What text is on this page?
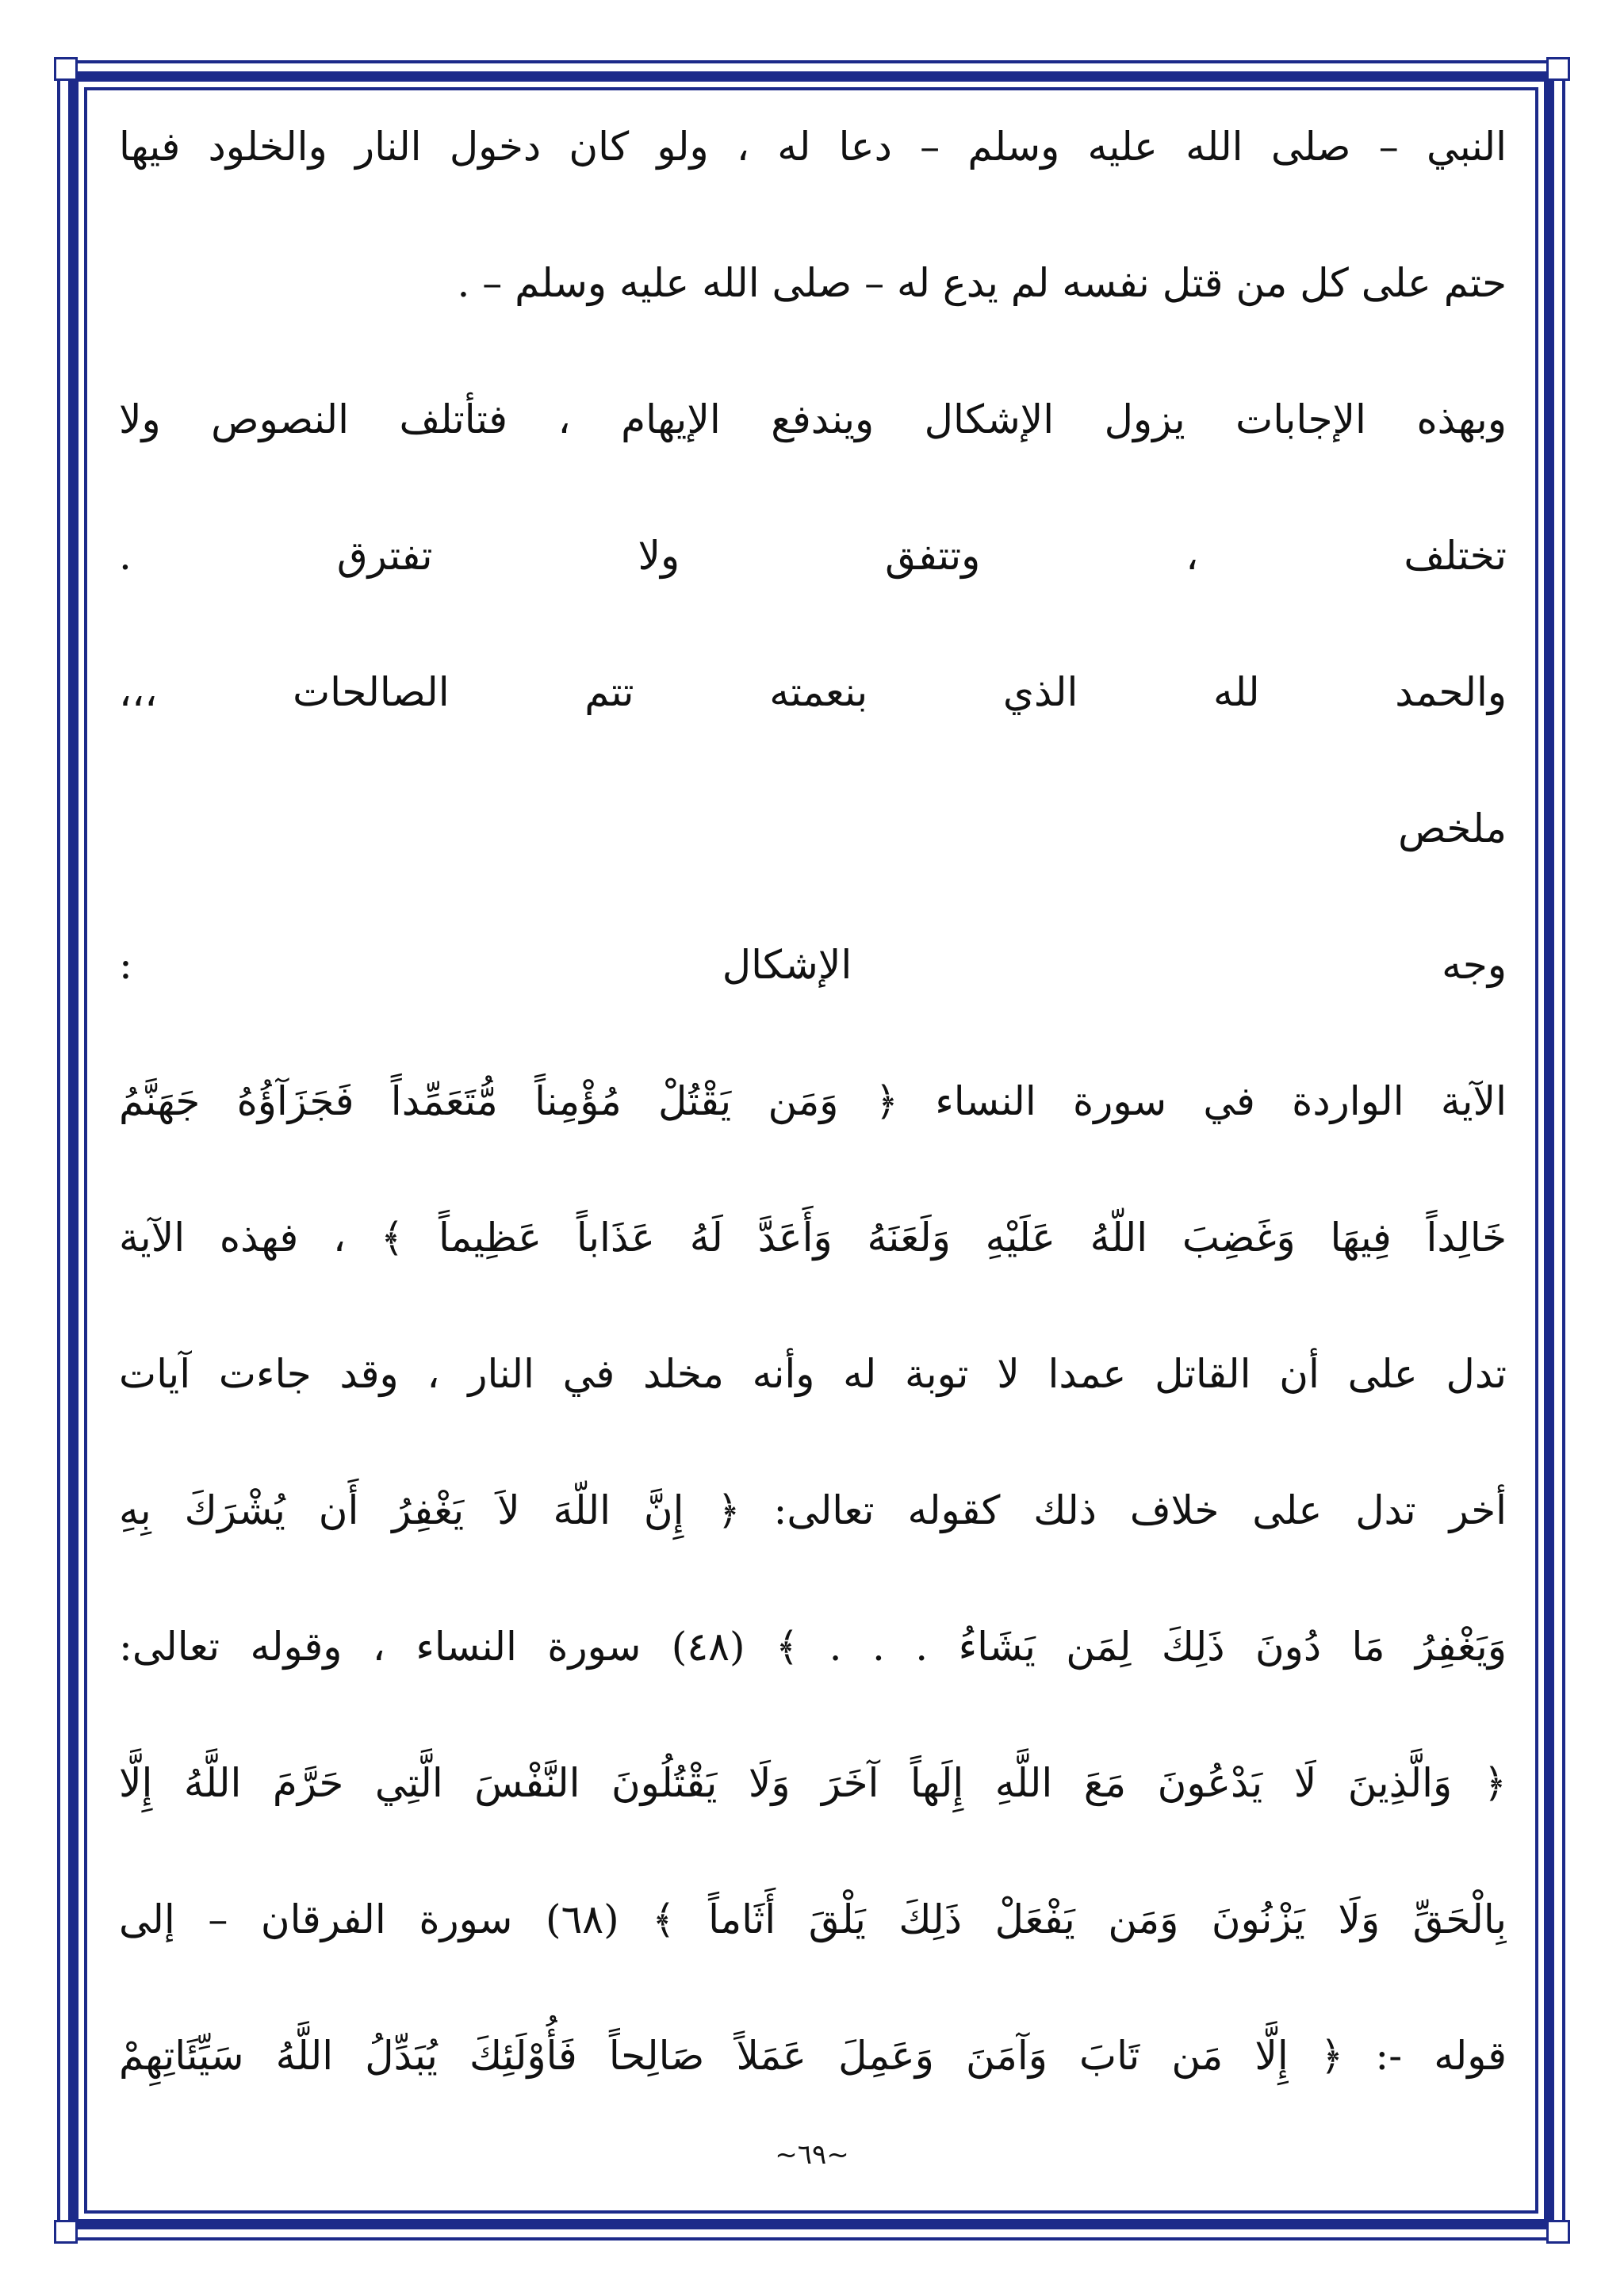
النبي – صلى الله عليه وسلم – دعا له ، ولو كان دخول النار والخلود فيها
حتم على كل من قتل نفسه لم يدع له – صلى الله عليه وسلم – .
وبهذه الإجابات يزول الإشكال ويندفع الإيهام ، فتأتلف النصوص ولا
تختلف ، وتتفق ولا تفترق .
والحمد لله الذي بنعمته تتم الصالحات ،،،
ملخص
وجه الإشكال :
الآية الواردة في سورة النساء ﴿ وَمَن يَقْتُلْ مُؤْمِناً مُّتَعَمِّداً فَجَزَآؤُهُ جَهَنَّمُ
خَالِداً فِيهَا وَغَضِبَ اللّهُ عَلَيْهِ وَلَعَنَهُ وَأَعَدَّ لَهُ عَذَاباً عَظِيماً ﴾ ، فهذه الآية
تدل على أن القاتل عمدا لا توبة له وأنه مخلد في النار ، وقد جاءت آيات
أخر تدل على خلاف ذلك كقوله تعالى: ﴿ إِنَّ اللّهَ لاَ يَغْفِرُ أَن يُشْرَكَ بِهِ
وَيَغْفِرُ مَا دُونَ ذَلِكَ لِمَن يَشَاءُ . . . ﴾ (٤٨) سورة النساء ، وقوله تعالى:
﴿ وَالَّذِينَ لَا يَدْعُونَ مَعَ اللَّهِ إِلَهاً آخَرَ وَلَا يَقْتُلُونَ النَّفْسَ الَّتِي حَرَّمَ اللَّهُ إِلَّا
بِالْحَقِّ وَلَا يَزْنُونَ وَمَن يَفْعَلْ ذَلِكَ يَلْقَ أَثَاماً ﴾ (٦٨) سورة الفرقان – إلى
قوله -: ﴿ إِلَّا مَن تَابَ وَآمَنَ وَعَمِلَ عَمَلاً صَالِحاً فَأُوْلَئِكَ يُبَدِّلُ اللَّهُ سَيِّئَاتِهِمْ
~٦٩~
